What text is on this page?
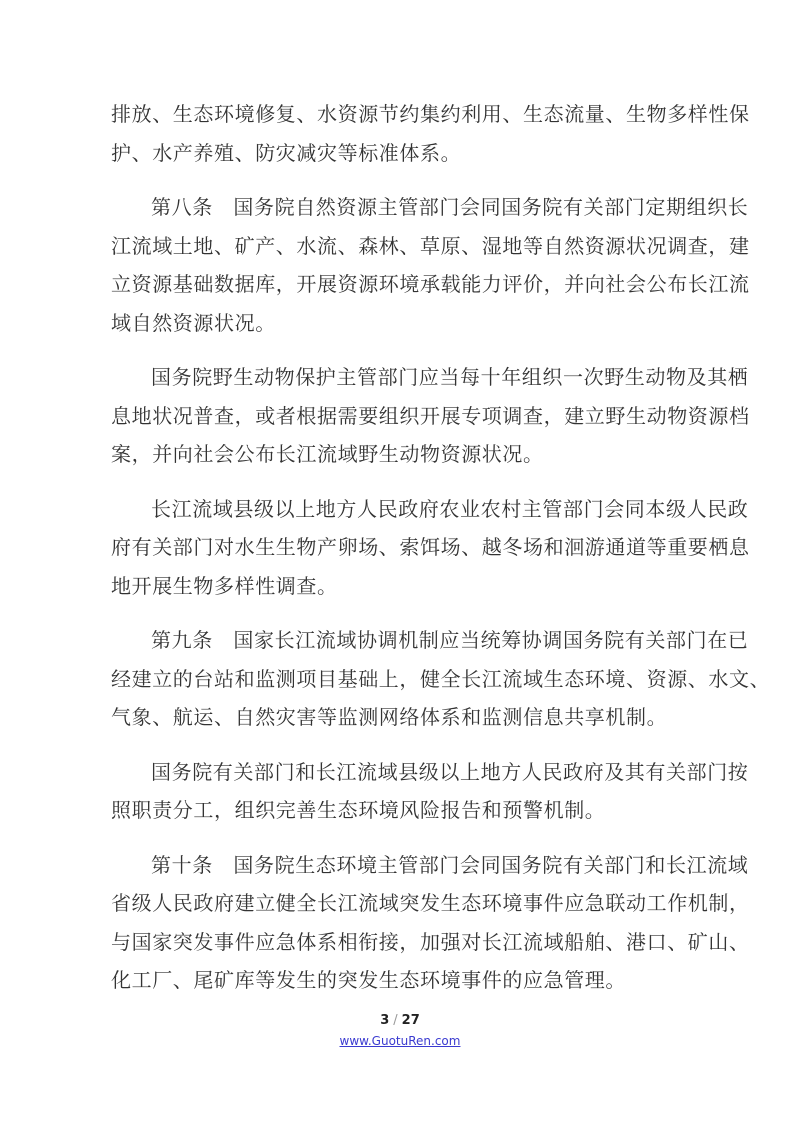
排放、生态环境修复、水资源节约集约利用、生态流量、生物多样性保
护、水产养殖、防灾减灾等标准体系。

第八条　国务院自然资源主管部门会同国务院有关部门定期组织长
江流域土地、矿产、水流、森林、草原、湿地等自然资源状况调查，建
立资源基础数据库，开展资源环境承载能力评价，并向社会公布长江流
域自然资源状况。

国务院野生动物保护主管部门应当每十年组织一次野生动物及其栖
息地状况普查，或者根据需要组织开展专项调查，建立野生动物资源档
案，并向社会公布长江流域野生动物资源状况。

长江流域县级以上地方人民政府农业农村主管部门会同本级人民政
府有关部门对水生生物产卵场、索饵场、越冬场和洄游通道等重要栖息
地开展生物多样性调查。

第九条　国家长江流域协调机制应当统筹协调国务院有关部门在已
经建立的台站和监测项目基础上，健全长江流域生态环境、资源、水文、
气象、航运、自然灾害等监测网络体系和监测信息共享机制。

国务院有关部门和长江流域县级以上地方人民政府及其有关部门按
照职责分工，组织完善生态环境风险报告和预警机制。

第十条　国务院生态环境主管部门会同国务院有关部门和长江流域
省级人民政府建立健全长江流域突发生态环境事件应急联动工作机制，
与国家突发事件应急体系相衔接，加强对长江流域船舶、港口、矿山、
化工厂、尾矿库等发生的突发生态环境事件的应急管理。

3 / 27
www.GuotuRen.com
